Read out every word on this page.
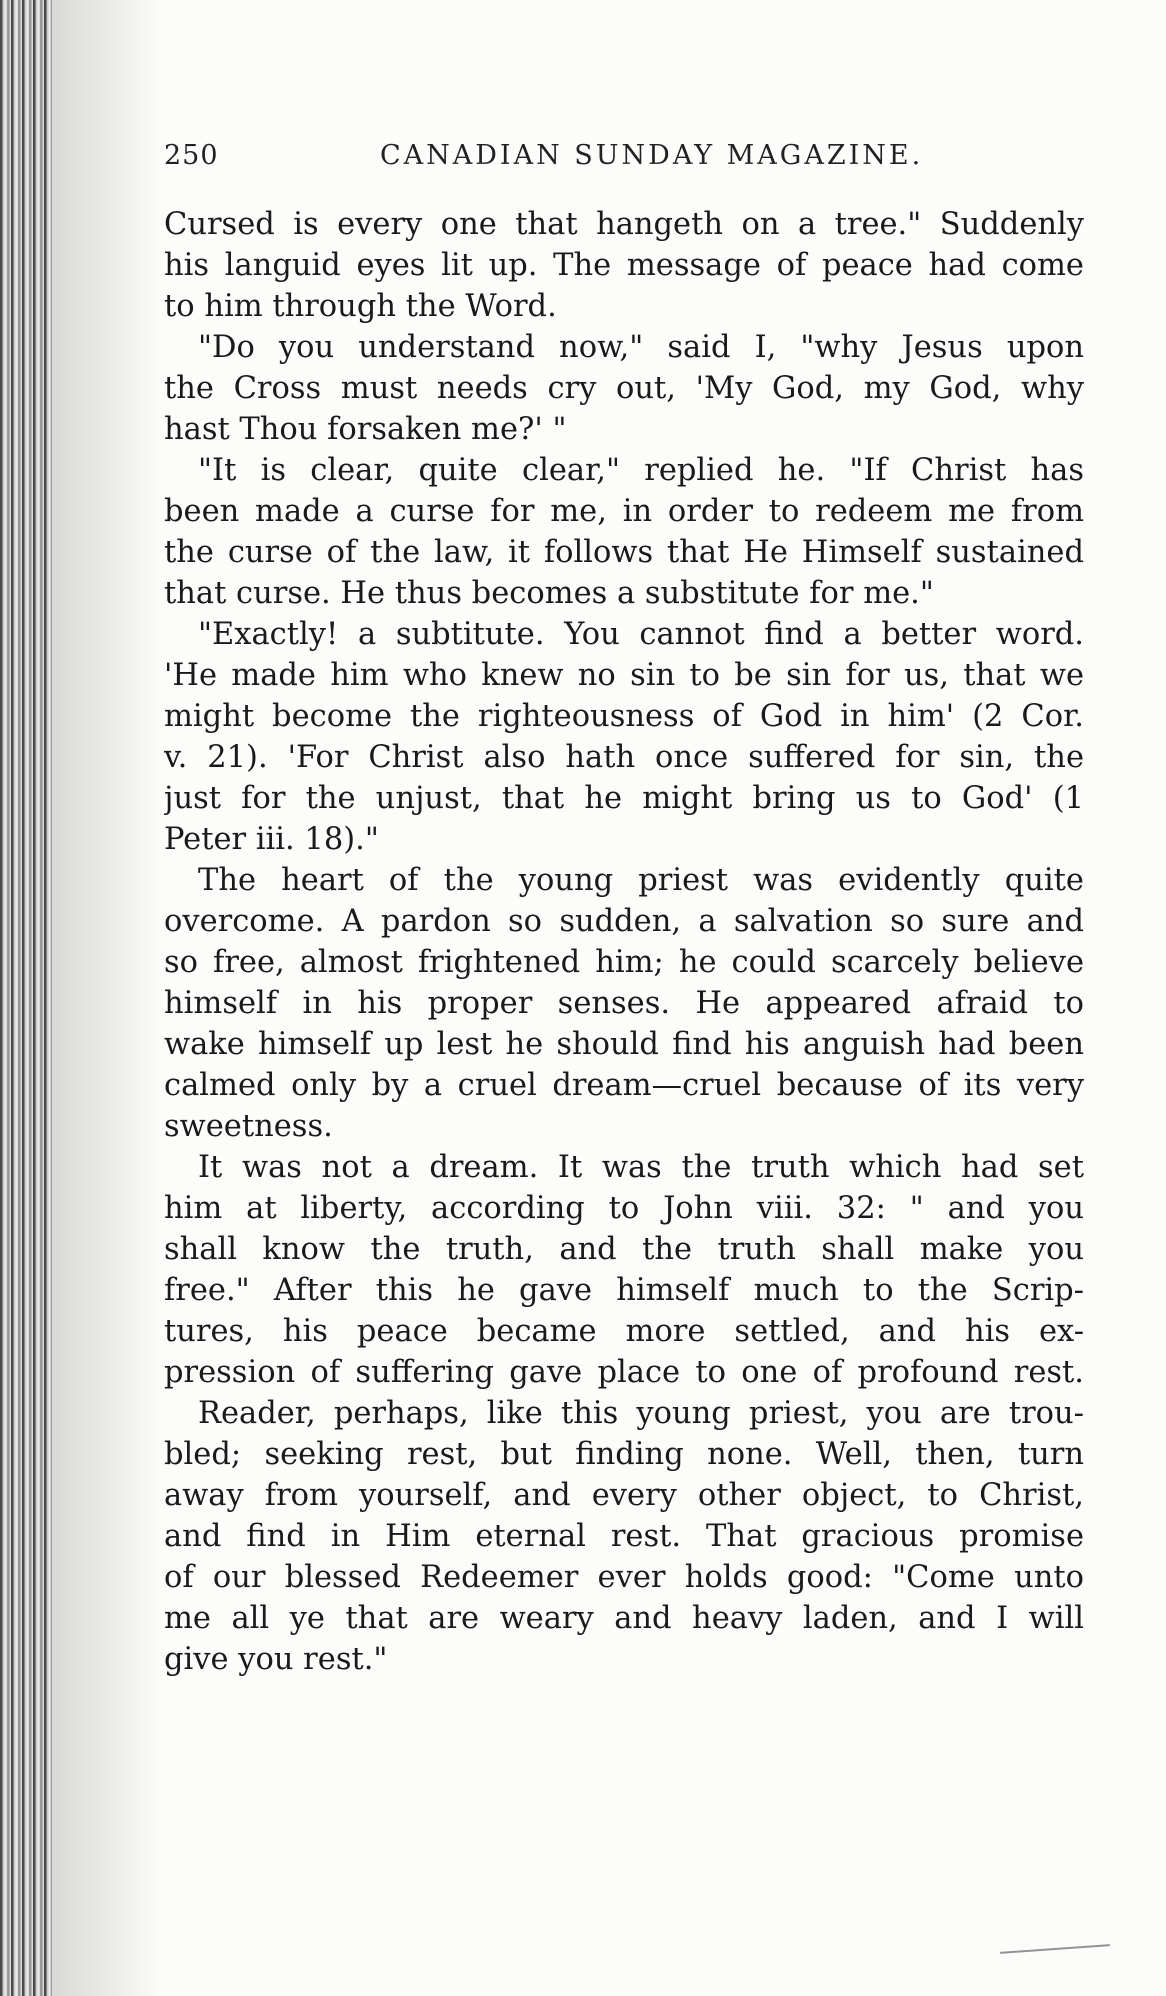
250	CANADIAN SUNDAY MAGAZINE.
Cursed is every one that hangeth on a tree." Suddenly
his languid eyes lit up. The message of peace had come
to him through the Word.
"Do you understand now," said I, "why Jesus upon
the Cross must needs cry out, 'My God, my God, why
hast Thou forsaken me?' "
"It is clear, quite clear," replied he. "If Christ has
been made a curse for me, in order to redeem me from
the curse of the law, it follows that He Himself sustained
that curse. He thus becomes a substitute for me."
"Exactly! a subtitute. You cannot find a better word.
'He made him who knew no sin to be sin for us, that we
might become the righteousness of God in him' (2 Cor.
v. 21). 'For Christ also hath once suffered for sin, the
just for the unjust, that he might bring us to God' (1
Peter iii. 18)."
The heart of the young priest was evidently quite
overcome. A pardon so sudden, a salvation so sure and
so free, almost frightened him; he could scarcely believe
himself in his proper senses. He appeared afraid to
wake himself up lest he should find his anguish had been
calmed only by a cruel dream—cruel because of its very
sweetness.
It was not a dream. It was the truth which had set
him at liberty, according to John viii. 32: " and you
shall know the truth, and the truth shall make you
free." After this he gave himself much to the Scrip-
tures, his peace became more settled, and his ex-
pression of suffering gave place to one of profound rest.
Reader, perhaps, like this young priest, you are trou-
bled; seeking rest, but finding none. Well, then, turn
away from yourself, and every other object, to Christ,
and find in Him eternal rest. That gracious promise
of our blessed Redeemer ever holds good: "Come unto
me all ye that are weary and heavy laden, and I will
give you rest."
